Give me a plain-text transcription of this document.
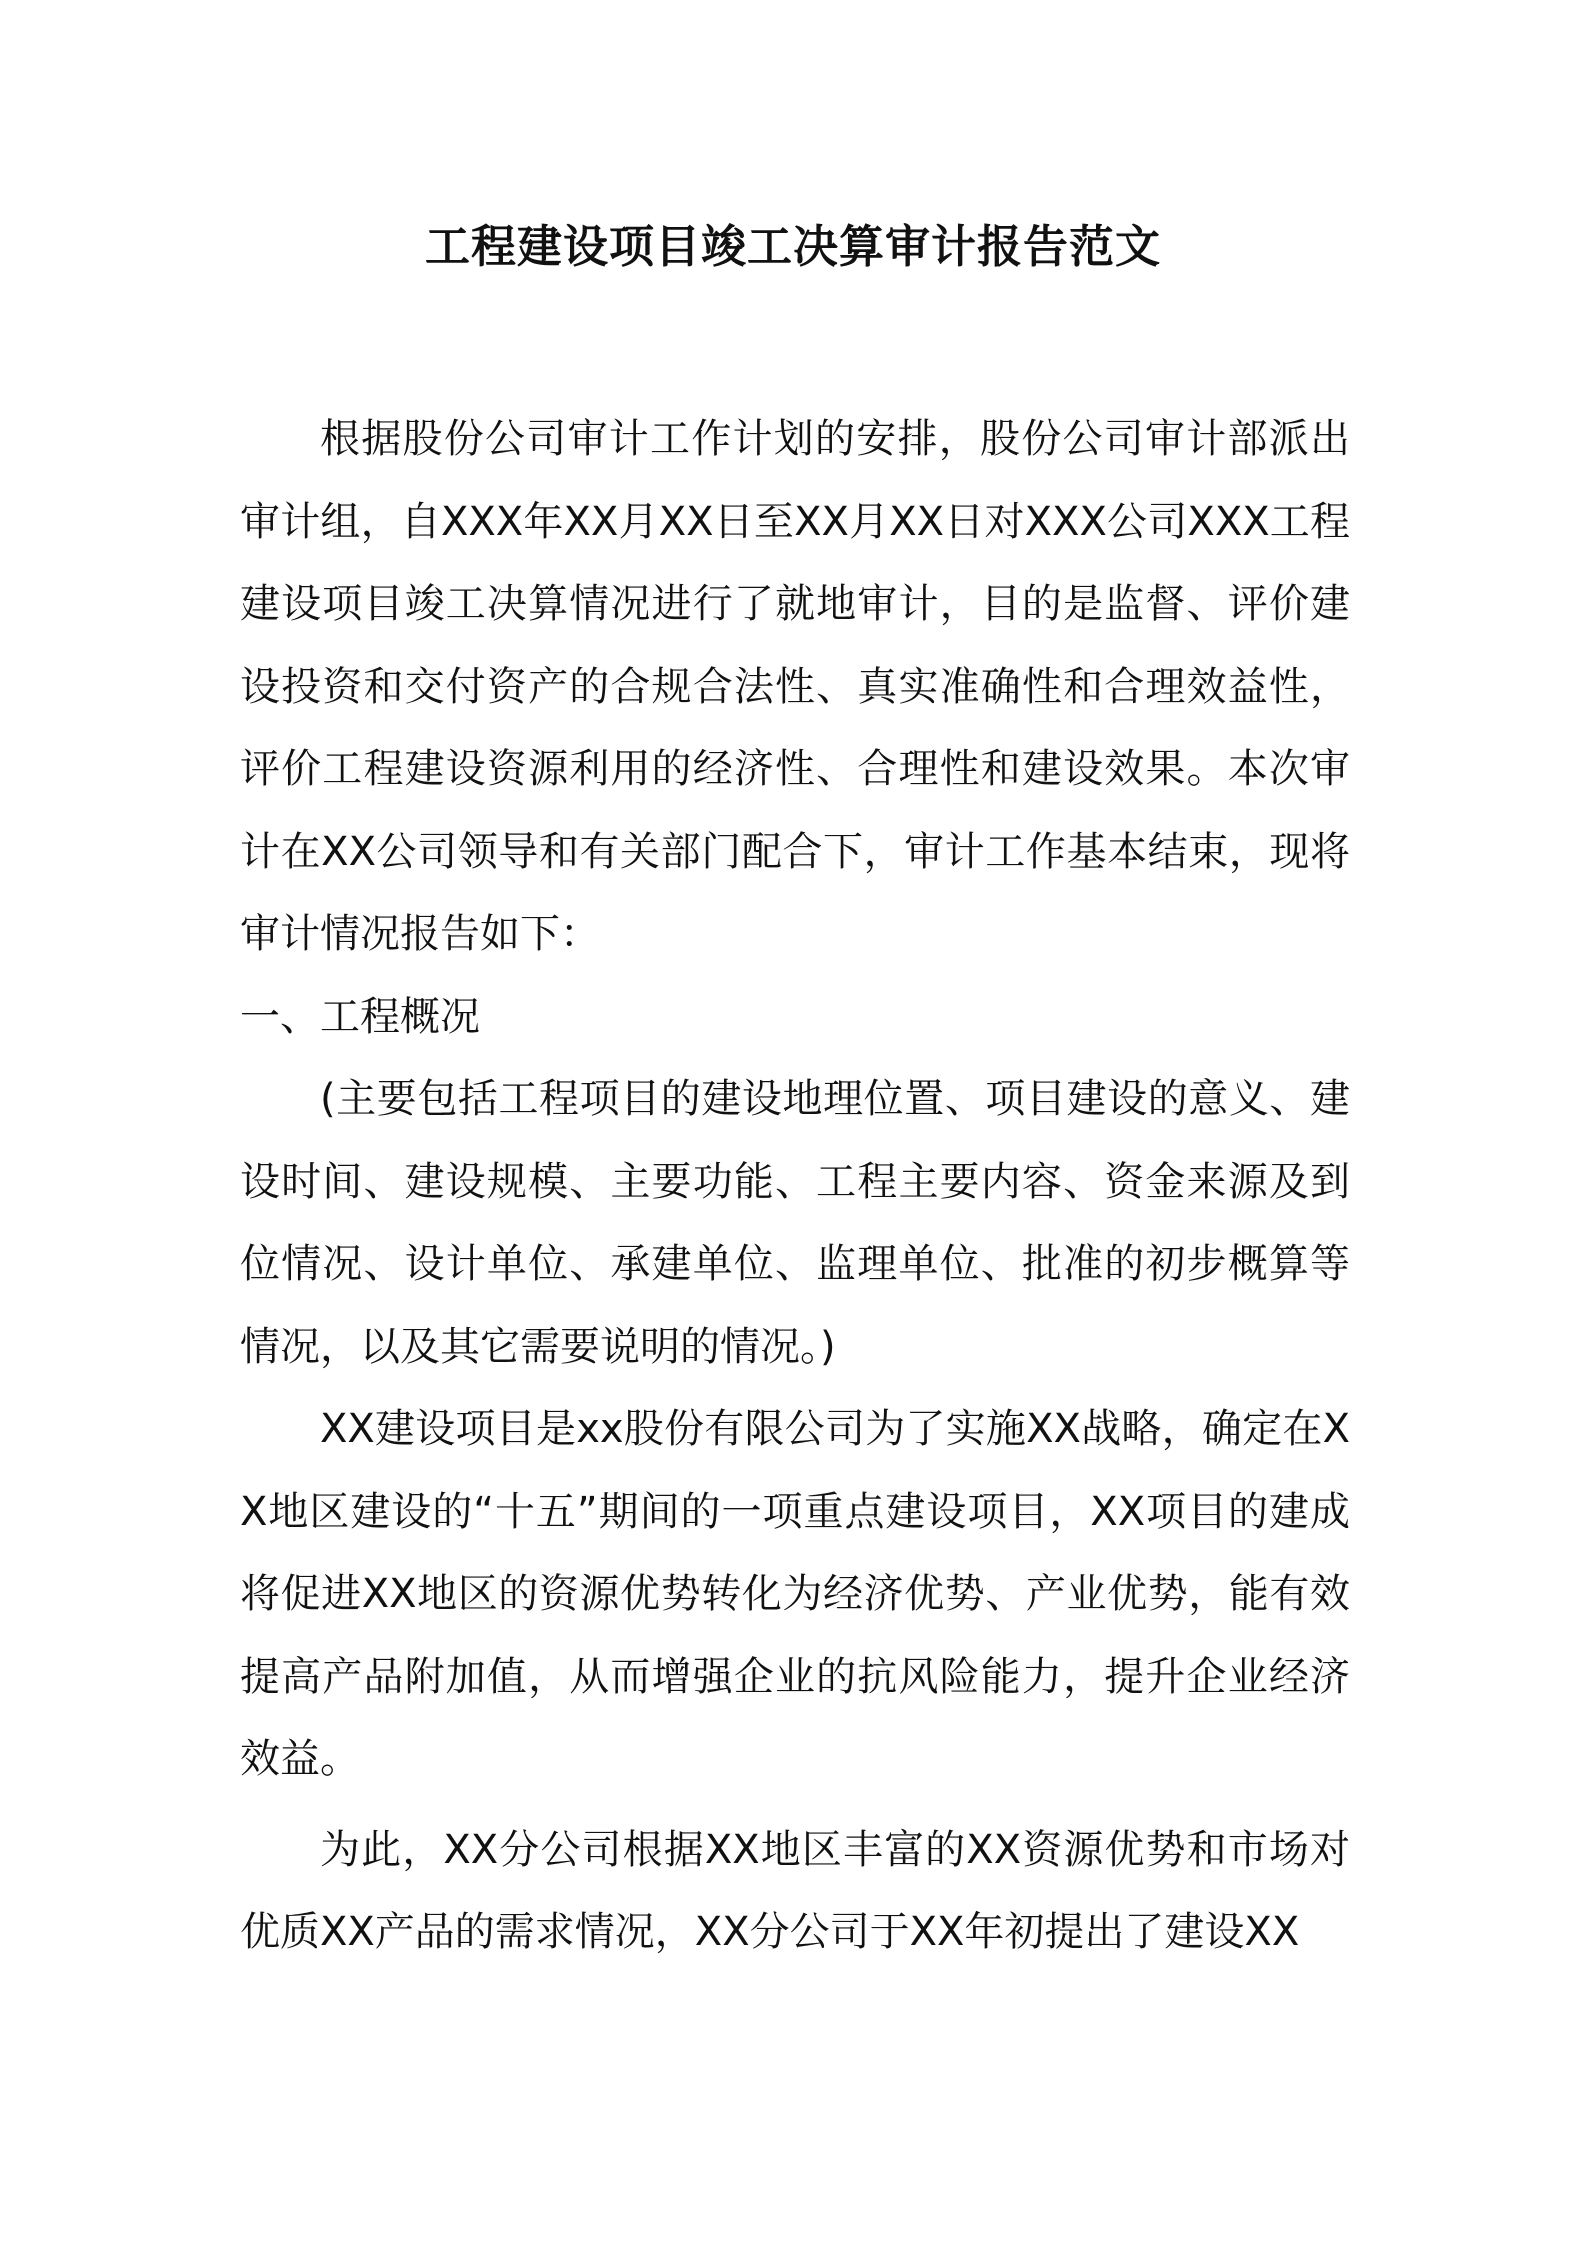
工程建设项目竣工决算审计报告范文

根据股份公司审计工作计划的安排，股份公司审计部派出审计组，自XXX年XX月XX日至XX月XX日对XXX公司XXX工程建设项目竣工决算情况进行了就地审计，目的是监督、评价建设投资和交付资产的合规合法性、真实准确性和合理效益性，评价工程建设资源利用的经济性、合理性和建设效果。本次审计在XX公司领导和有关部门配合下，审计工作基本结束，现将审计情况报告如下：

一、工程概况

(主要包括工程项目的建设地理位置、项目建设的意义、建设时间、建设规模、主要功能、工程主要内容、资金来源及到位情况、设计单位、承建单位、监理单位、批准的初步概算等情况，以及其它需要说明的情况。)

XX建设项目是xx股份有限公司为了实施XX战略，确定在XX地区建设的“十五”期间的一项重点建设项目，XX项目的建成将促进XX地区的资源优势转化为经济优势、产业优势，能有效提高产品附加值，从而增强企业的抗风险能力，提升企业经济效益。

为此，XX分公司根据XX地区丰富的XX资源优势和市场对优质XX产品的需求情况，XX分公司于XX年初提出了建设XX
